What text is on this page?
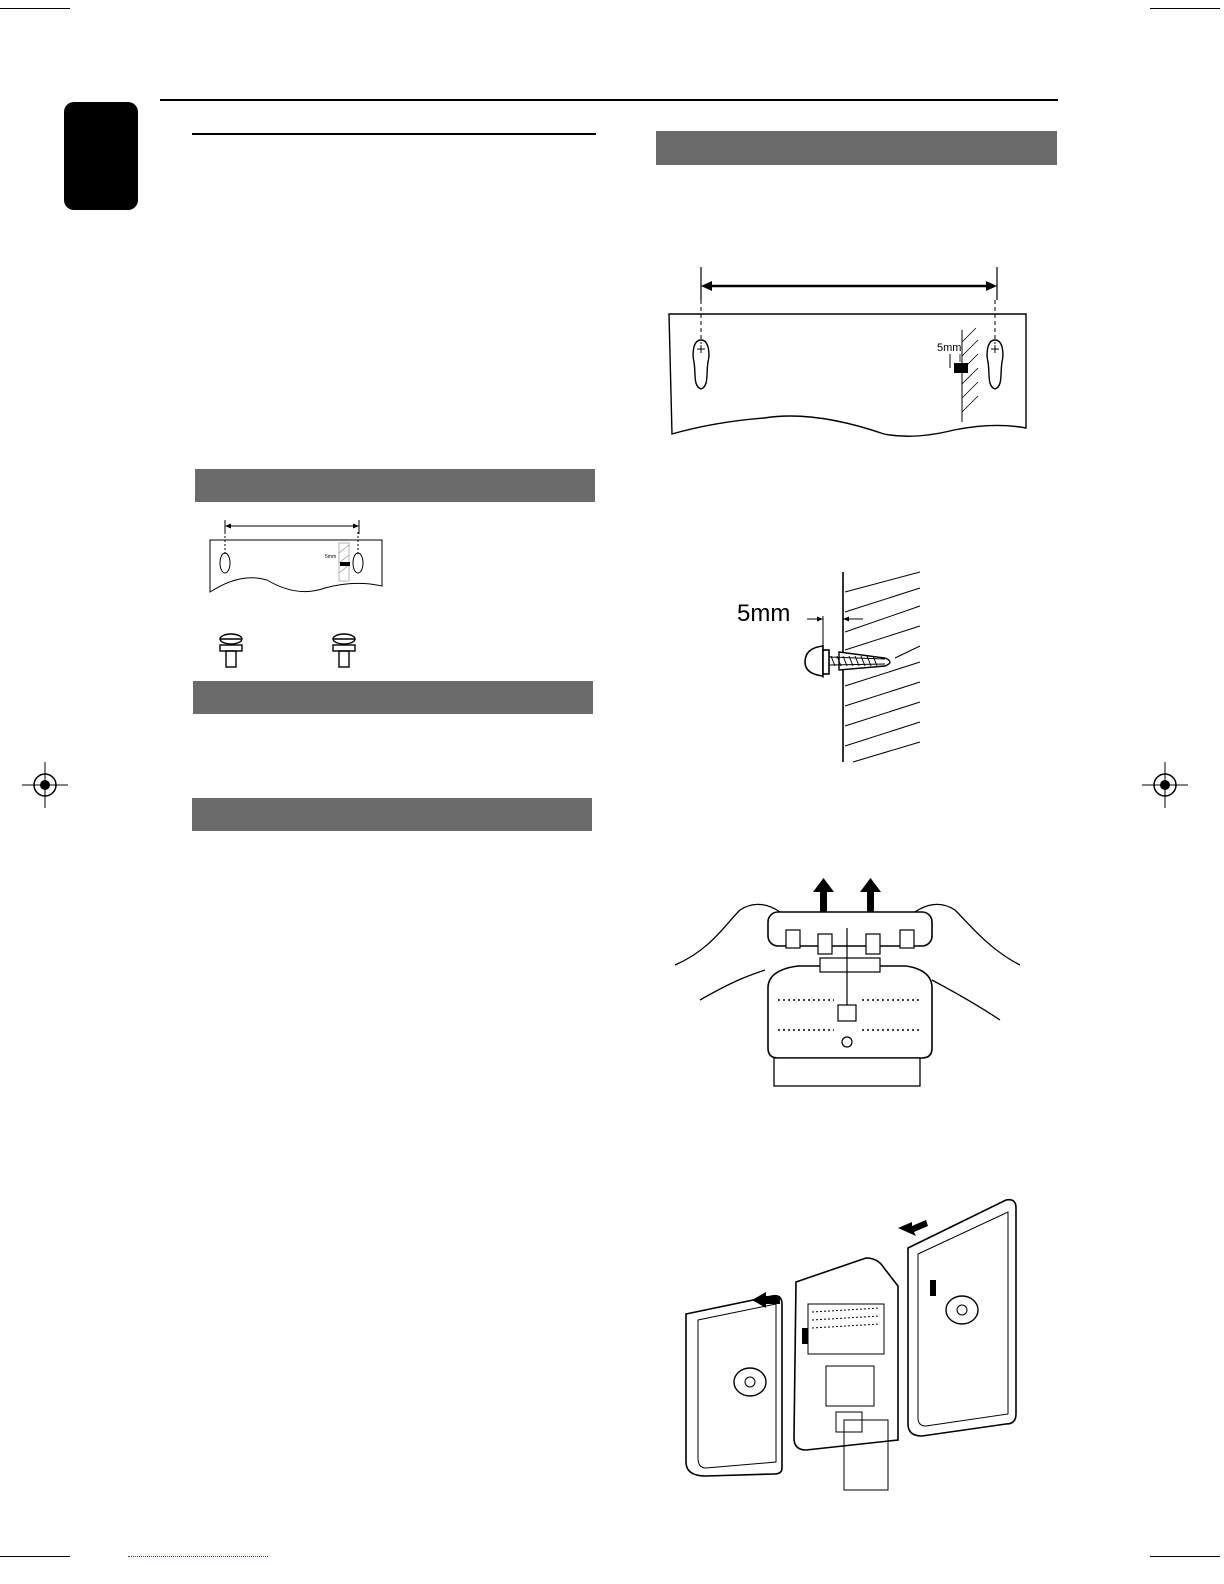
5mm
5mm
5mm
